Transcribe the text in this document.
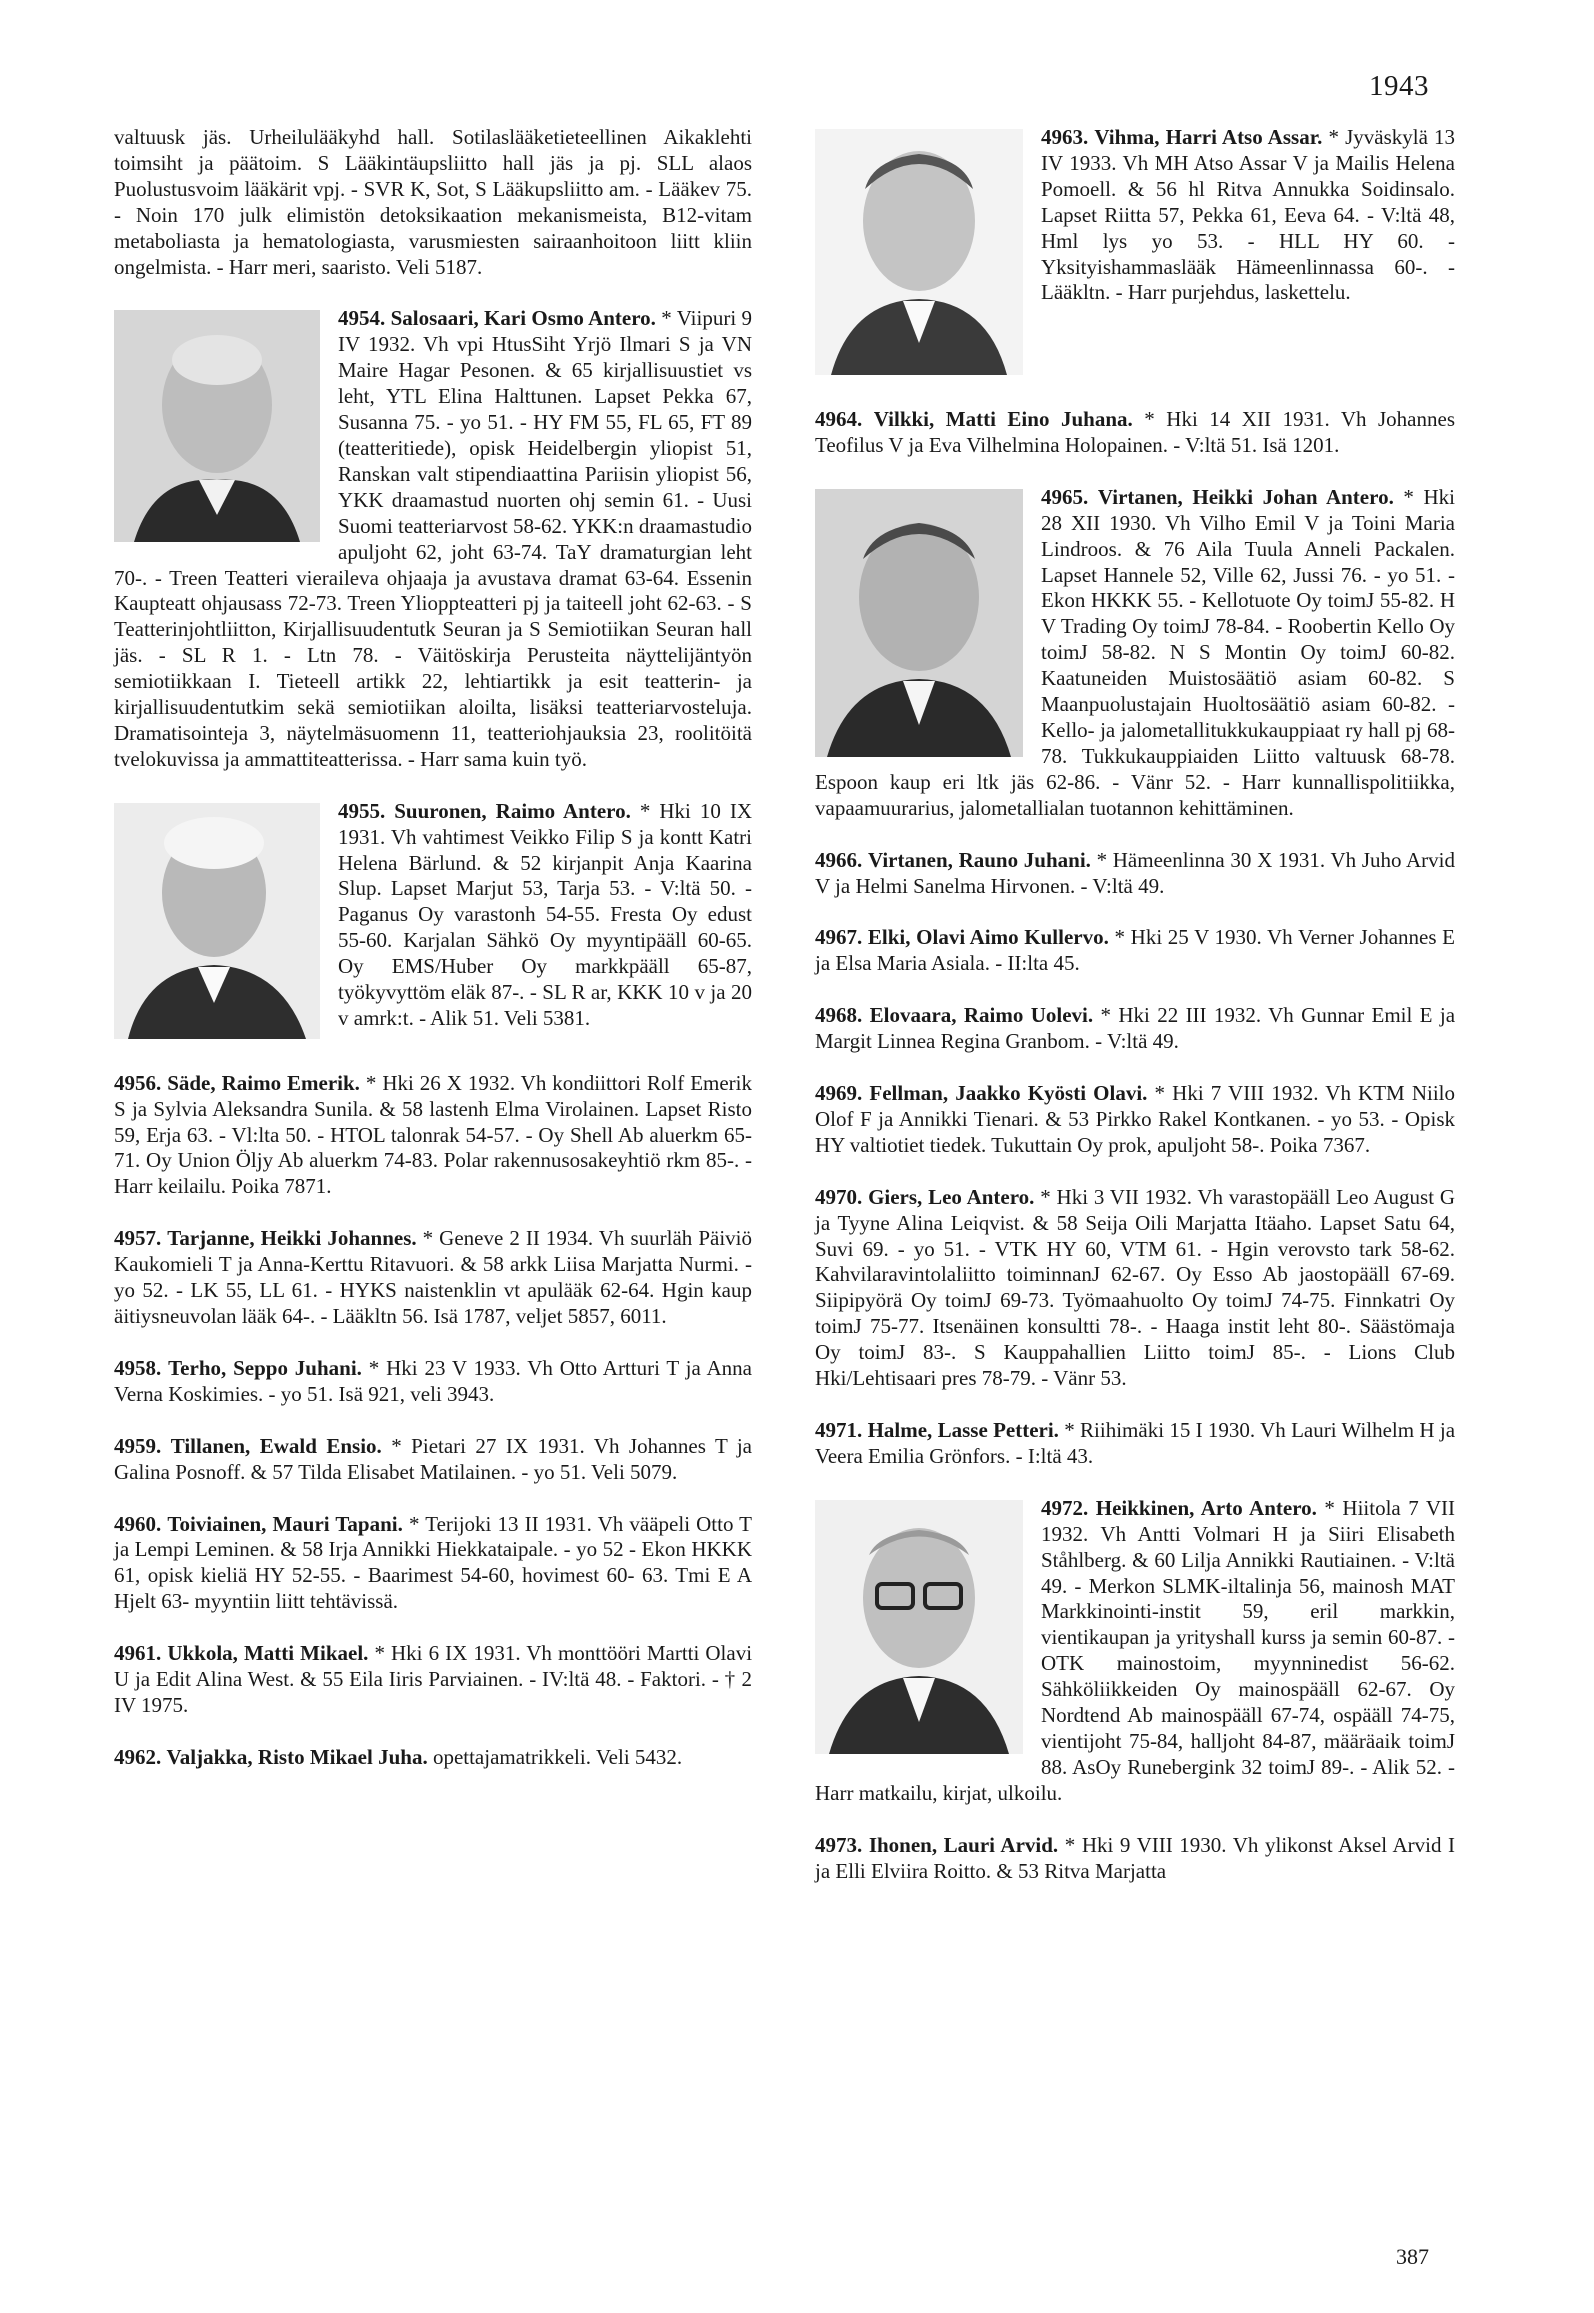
1943

valtuusk jäs. Urheilulääkyhd hall. Sotilaslääketieteellinen Aikaklehti toimsiht ja päätoim. S Lääkintäupsliitto hall jäs ja pj. SLL alaos Puolustusvoim lääkärit vpj. - SVR K, Sot, S Lääkupsliitto am. - Lääkev 75. - Noin 170 julk elimistön detoksikaation mekanismeista, B12-vitam metaboliasta ja hematologiasta, varusmiesten sairaanhoitoon liitt kliin ongelmista. - Harr meri, saaristo. Veli 5187.

4954. Salosaari, Kari Osmo Antero. * Viipuri 9 IV 1932. Vh vpi HtusSiht Yrjö Ilmari S ja VN Maire Hagar Pesonen. & 65 kirjallisuustiet vs leht, YTL Elina Halttunen. Lapset Pekka 67, Susanna 75. - yo 51. - HY FM 55, FL 65, FT 89 (teatteritiede), opisk Heidelbergin yliopist 51, Ranskan valt stipendiaattina Pariisin yliopist 56, YKK draamastud nuorten ohj semin 61. - Uusi Suomi teatteriarvost 58-62. YKK:n draamastudio apuljoht 62, joht 63-74. TaY dramaturgian leht 70-. - Treen Teatteri vieraileva ohjaaja ja avustava dramat 63-64. Essenin Kaupteatt ohjausass 72-73. Treen Ylioppteatteri pj ja taiteell joht 62-63. - S Teatterinjohtliitton, Kirjallisuudentutk Seuran ja S Semiotiikan Seuran hall jäs. - SL R 1. - Ltn 78. - Väitöskirja Perusteita näyttelijäntyön semiotiikkaan I. Tieteell artikk 22, lehtiartikk ja esit teatterin- ja kirjallisuudentutkim sekä semiotiikan aloilta, lisäksi teatteriarvosteluja. Dramatisointeja 3, näytelmäsuomenn 11, teatteriohjauksia 23, roolitöitä tvelokuvissa ja ammattiteatterissa. - Harr sama kuin työ.
4955. Suuronen, Raimo Antero. * Hki 10 IX 1931. Vh vahtimest Veikko Filip S ja kontt Katri Helena Bärlund. & 52 kirjanpit Anja Kaarina Slup. Lapset Marjut 53, Tarja 53. - V:ltä 50. - Paganus Oy varastonh 54-55. Fresta Oy edust 55-60. Karjalan Sähkö Oy myyntipääll 60-65. Oy EMS/Huber Oy markkpääll 65-87, työkyvyttöm eläk 87-. - SL R ar, KKK 10 v ja 20 v amrk:t. - Alik 51. Veli 5381.

4956. Säde, Raimo Emerik. * Hki 26 X 1932. Vh kondiittori Rolf Emerik S ja Sylvia Aleksandra Sunila. & 58 lastenh Elma Virolainen. Lapset Risto 59, Erja 63. - Vl:lta 50. - HTOL talonrak 54-57. - Oy Shell Ab aluerkm 65-71. Oy Union Öljy Ab aluerkm 74-83. Polar rakennusosakeyhtiö rkm 85-. - Harr keilailu. Poika 7871.

4957. Tarjanne, Heikki Johannes. * Geneve 2 II 1934. Vh suurläh Päiviö Kaukomieli T ja Anna-Kerttu Ritavuori. & 58 arkk Liisa Marjatta Nurmi. - yo 52. - LK 55, LL 61. - HYKS naistenklin vt apulääk 62-64. Hgin kaup äitiysneuvolan lääk 64-. - Lääkltn 56. Isä 1787, veljet 5857, 6011.

4958. Terho, Seppo Juhani. * Hki 23 V 1933. Vh Otto Artturi T ja Anna Verna Koskimies. - yo 51. Isä 921, veli 3943.

4959. Tillanen, Ewald Ensio. * Pietari 27 IX 1931. Vh Johannes T ja Galina Posnoff. & 57 Tilda Elisabet Matilainen. - yo 51. Veli 5079.

4960. Toiviainen, Mauri Tapani. * Terijoki 13 II 1931. Vh vääpeli Otto T ja Lempi Leminen. & 58 Irja Annikki Hiekkataipale. - yo 52 - Ekon HKKK 61, opisk kieliä HY 52-55. - Baarimest 54-60, hovimest 60- 63. Tmi E A Hjelt 63- myyntiin liitt tehtävissä.

4961. Ukkola, Matti Mikael. * Hki 6 IX 1931. Vh monttööri Martti Olavi U ja Edit Alina West. & 55 Eila Iiris Parviainen. - IV:ltä 48. - Faktori. - † 2 IV 1975.

4962. Valjakka, Risto Mikael Juha. opettajamatrikkeli. Veli 5432.

4963. Vihma, Harri Atso Assar. * Jyväskylä 13 IV 1933. Vh MH Atso Assar V ja Mailis Helena Pomoell. & 56 hl Ritva Annukka Soidinsalo. Lapset Riitta 57, Pekka 61, Eeva 64. - V:ltä 48, Hml lys yo 53. - HLL HY 60. - Yksityishammaslääk Hämeenlinnassa 60-. - Lääkltn. - Harr purjehdus, laskettelu.

4964. Vilkki, Matti Eino Juhana. * Hki 14 XII 1931. Vh Johannes Teofilus V ja Eva Vilhelmina Holopainen. - V:ltä 51. Isä 1201.

4965. Virtanen, Heikki Johan Antero. * Hki 28 XII 1930. Vh Vilho Emil V ja Toini Maria Lindroos. & 76 Aila Tuula Anneli Packalen. Lapset Hannele 52, Ville 62, Jussi 76. - yo 51. - Ekon HKKK 55. - Kellotuote Oy toimJ 55-82. H V Trading Oy toimJ 78-84. - Roobertin Kello Oy toimJ 58-82. N S Montin Oy toimJ 60-82. Kaatuneiden Muistosäätiö asiam 60-82. S Maanpuolustajain Huoltosäätiö asiam 60-82. - Kello- ja jalometallitukkukauppiaat ry hall pj 68-78. Tukkukauppiaiden Liitto valtuusk 68-78. Espoon kaup eri ltk jäs 62-86. - Vänr 52. - Harr kunnallispolitiikka, vapaamuurarius, jalometallialan tuotannon kehittäminen.

4966. Virtanen, Rauno Juhani. * Hämeenlinna 30 X 1931. Vh Juho Arvid V ja Helmi Sanelma Hirvonen. - V:ltä 49.

4967. Elki, Olavi Aimo Kullervo. * Hki 25 V 1930. Vh Verner Johannes E ja Elsa Maria Asiala. - II:lta 45.

4968. Elovaara, Raimo Uolevi. * Hki 22 III 1932. Vh Gunnar Emil E ja Margit Linnea Regina Granbom. - V:ltä 49.

4969. Fellman, Jaakko Kyösti Olavi. * Hki 7 VIII 1932. Vh KTM Niilo Olof F ja Annikki Tienari. & 53 Pirkko Rakel Kontkanen. - yo 53. - Opisk HY valtiotiet tiedek. Tukuttain Oy prok, apuljoht 58-. Poika 7367.

4970. Giers, Leo Antero. * Hki 3 VII 1932. Vh varastopääll Leo August G ja Tyyne Alina Leiqvist. & 58 Seija Oili Marjatta Itäaho. Lapset Satu 64, Suvi 69. - yo 51. - VTK HY 60, VTM 61. - Hgin verovsto tark 58-62. Kahvilaravintolaliitto toiminnanJ 62-67. Oy Esso Ab jaostopääll 67-69. Siipipyörä Oy toimJ 69-73. Työmaahuolto Oy toimJ 74-75. Finnkatri Oy toimJ 75-77. Itsenäinen konsultti 78-. - Haaga instit leht 80-. Säästömaja Oy toimJ 83-. S Kauppahallien Liitto toimJ 85-. - Lions Club Hki/Lehtisaari pres 78-79. - Vänr 53.

4971. Halme, Lasse Petteri. * Riihimäki 15 I 1930. Vh Lauri Wilhelm H ja Veera Emilia Grönfors. - I:ltä 43.

4972. Heikkinen, Arto Antero. * Hiitola 7 VII 1932. Vh Antti Volmari H ja Siiri Elisabeth Ståhlberg. & 60 Lilja Annikki Rautiainen. - V:ltä 49. - Merkon SLMK-iltalinja 56, mainosh MAT Markkinointi-instit 59, eril markkin, vientikaupan ja yrityshall kurss ja semin 60-87. - OTK mainostoim, myynninedist 56-62. Sähköliikkeiden Oy mainospääll 62-67. Oy Nordtend Ab mainospääll 67-74, ospääll 74-75, vientijoht 75-84, halljoht 84-87, määräaik toimJ 88. AsOy Runebergink 32 toimJ 89-. - Alik 52. - Harr matkailu, kirjat, ulkoilu.

4973. Ihonen, Lauri Arvid. * Hki 9 VIII 1930. Vh ylikonst Aksel Arvid I ja Elli Elviira Roitto. & 53 Ritva Marjatta

387
